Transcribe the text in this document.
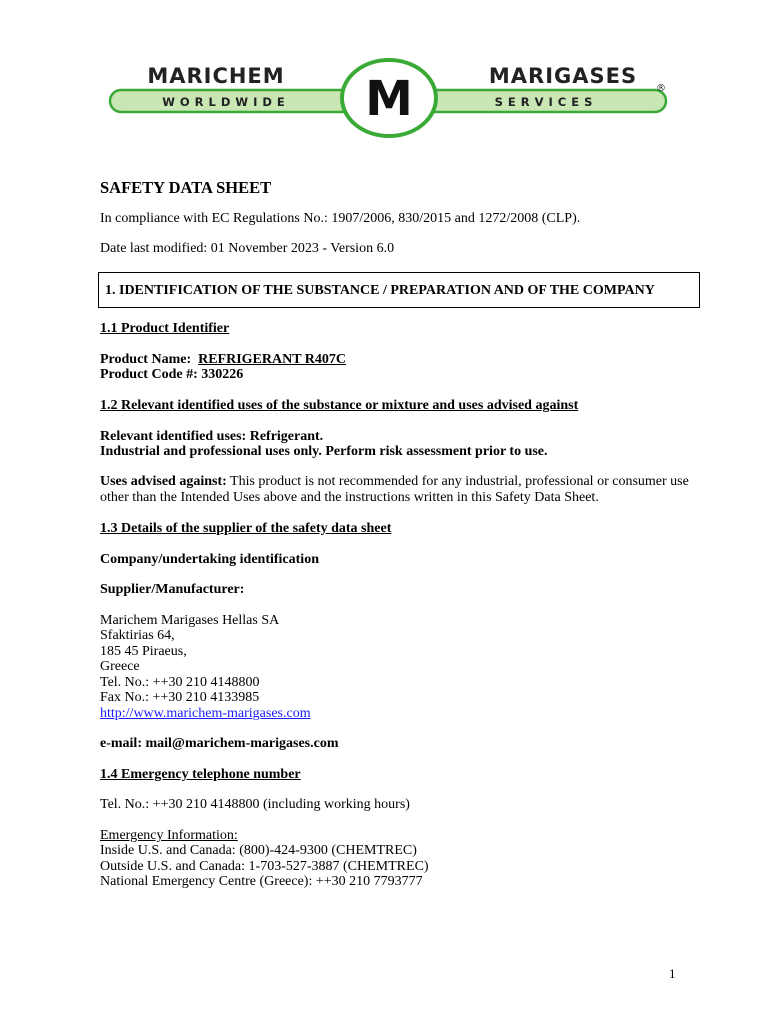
M
MARICHEM
WORLDWIDE
MARIGASES
SERVICES
®
SAFETY DATA SHEET
In compliance with EC Regulations No.: 1907/2006, 830/2015 and 1272/2008 (CLP).
Date last modified: 01 November 2023 - Version 6.0
1. IDENTIFICATION OF THE SUBSTANCE / PREPARATION AND OF THE COMPANY
1.1 Product Identifier
Product Name: REFRIGERANT R407C
Product Code #: 330226
1.2 Relevant identified uses of the substance or mixture and uses advised against
Relevant identified uses: Refrigerant.
Industrial and professional uses only. Perform risk assessment prior to use.
Uses advised against: This product is not recommended for any industrial, professional or consumer use other than the Intended Uses above and the instructions written in this Safety Data Sheet.
1.3 Details of the supplier of the safety data sheet
Company/undertaking identification
Supplier/Manufacturer:
Marichem Marigases Hellas SA
Sfaktirias 64,
185 45 Piraeus,
Greece
Tel. No.: ++30 210 4148800
Fax No.: ++30 210 4133985
http://www.marichem-marigases.com
e-mail: mail@marichem-marigases.com
1.4 Emergency telephone number
Tel. No.: ++30 210 4148800 (including working hours)
Emergency Information:
Inside U.S. and Canada: (800)-424-9300 (CHEMTREC)
Outside U.S. and Canada: 1-703-527-3887 (CHEMTREC)
National Emergency Centre (Greece): ++30 210 7793777
1
